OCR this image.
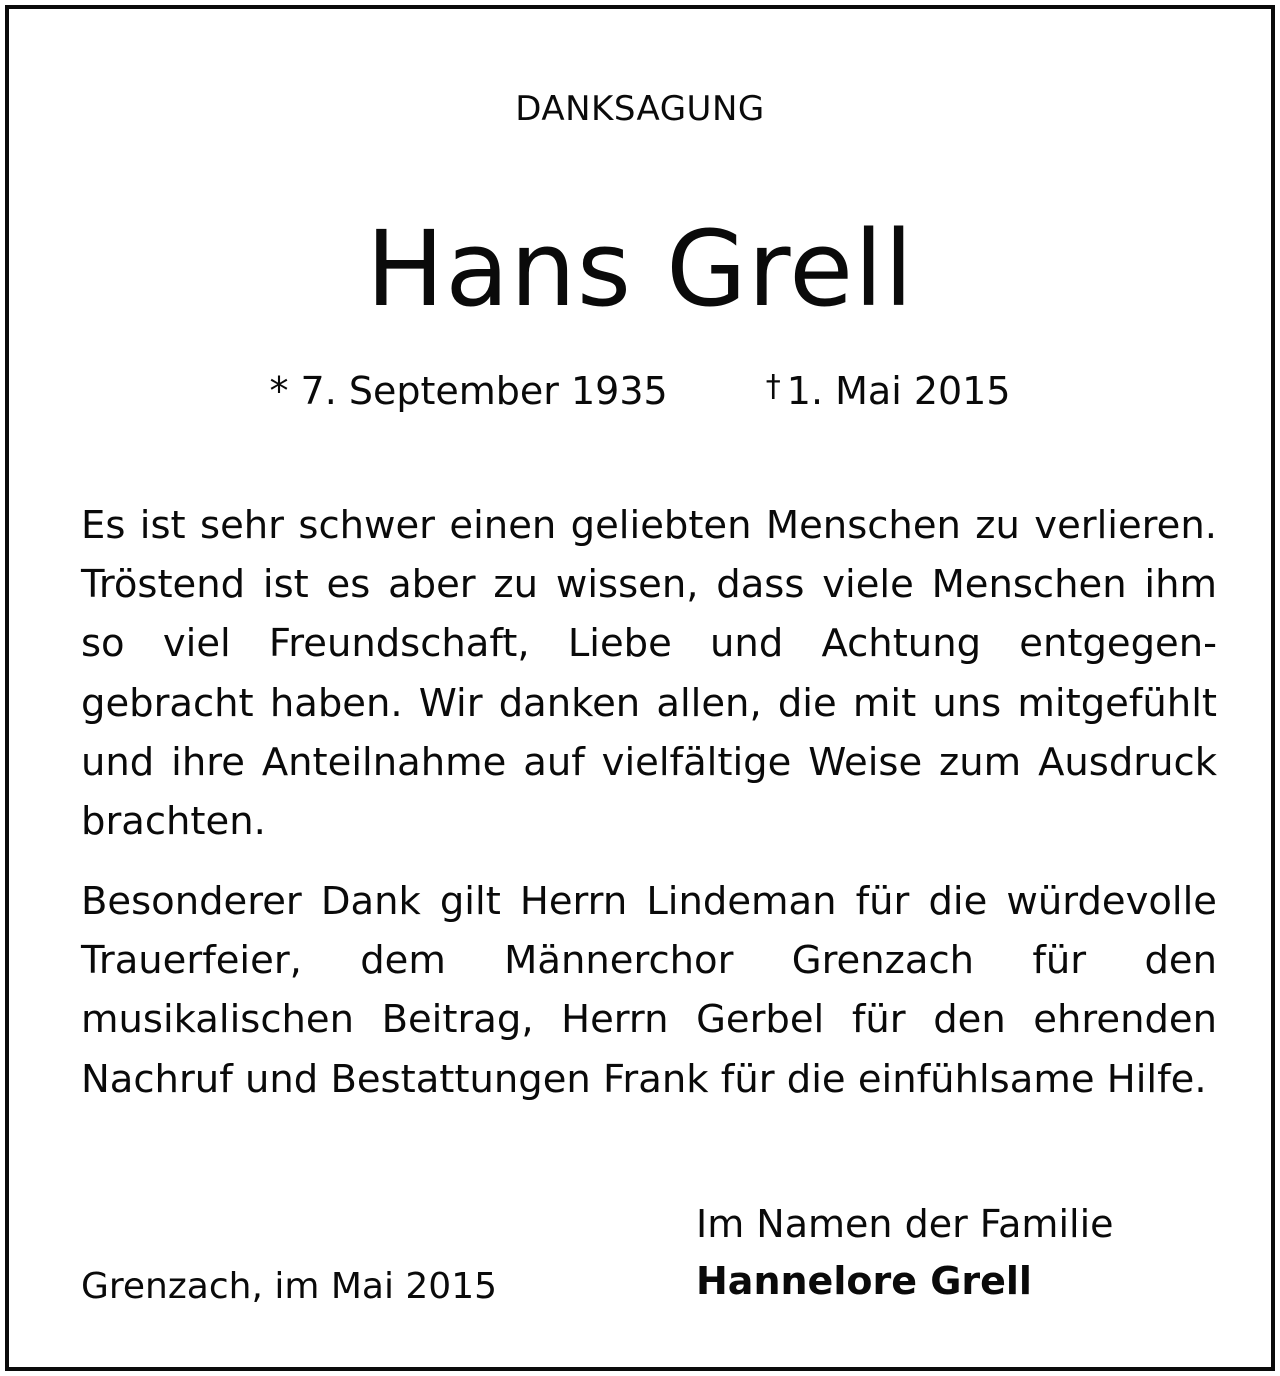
DANKSAGUNG
Hans Grell
* 7. September 1935	† 1. Mai 2015
Es ist sehr schwer einen geliebten Menschen zu verlieren. Tröstend ist es aber zu wissen, dass viele Menschen ihm so viel Freundschaft, Liebe und Achtung entgegen-gebracht haben. Wir danken allen, die mit uns mitgefühlt und ihre Anteilnahme auf vielfältige Weise zum Ausdruck brachten.
Besonderer Dank gilt Herrn Lindeman für die würdevolle Trauerfeier, dem Männerchor Grenzach für den musikalischen Beitrag, Herrn Gerbel für den ehrenden Nachruf und Bestattungen Frank für die einfühlsame Hilfe.
Im Namen der Familie
Hannelore Grell
Grenzach, im Mai 2015
